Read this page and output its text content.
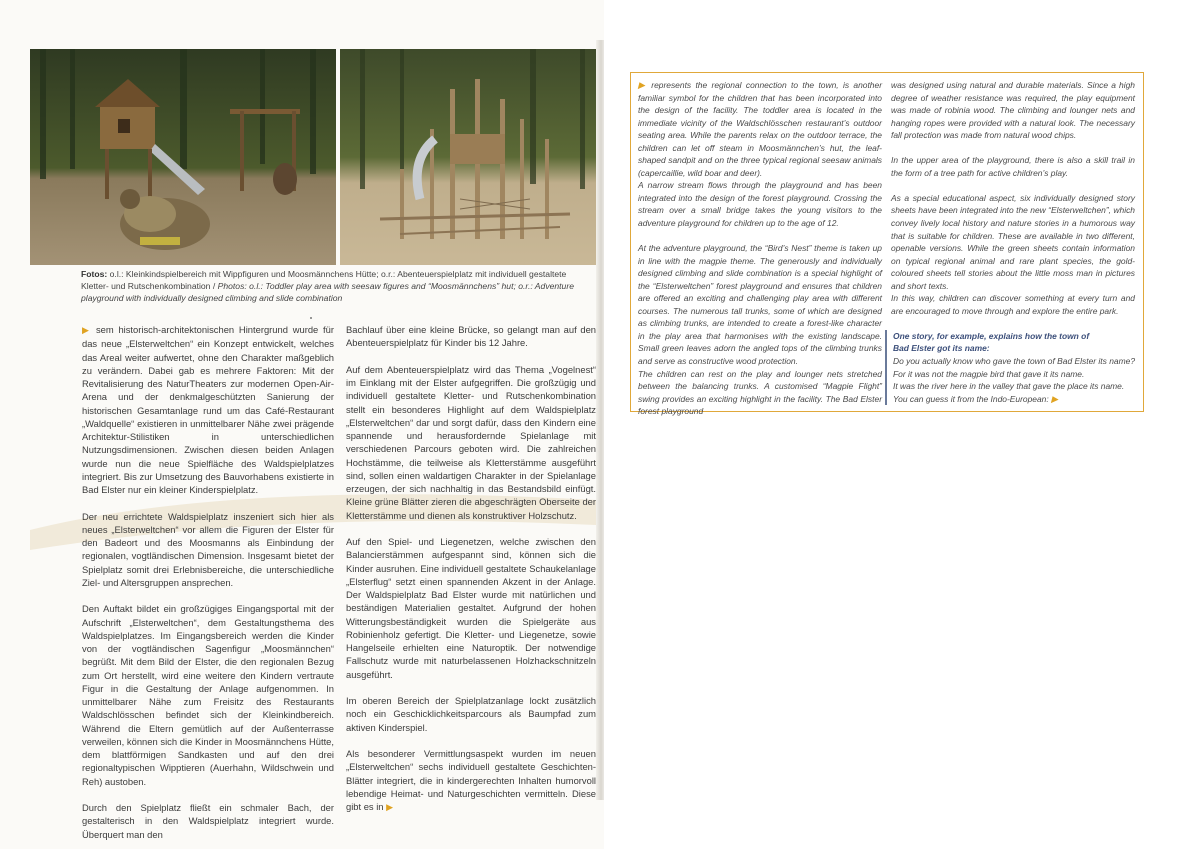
Fotos: o.l.: Kleinkindspielbereich mit Wippfiguren und Moosmännchens Hütte; o.r.: Abenteuerspielplatz mit individuell gestaltete Kletter- und Rutschenkombination / Photos: o.l.: Toddler play area with seesaw figures and “Moosmännchens” hut; o.r.: Adventure playground with individually designed climbing and slide combination

▶ sem historisch-architektonischen Hintergrund wurde für das neue „Elsterweltchen“ ein Konzept entwickelt, welches das Areal weiter aufwertet, ohne den Charakter maßgeblich zu verändern. Dabei gab es mehrere Faktoren: Mit der Revitalisierung des NaturTheaters zur modernen Open-Air-Arena und der denkmalgeschützten Sanierung der historischen Gesamtanlage rund um das Café-Restaurant „Waldquelle“ existieren in unmittelbarer Nähe zwei prägende Architektur-Stilistiken in unterschiedlichen Nutzungsdimensionen. Zwischen diesen beiden Anlagen wurde nun die neue Spielfläche des Waldspielplatzes integriert. Bis zur Umsetzung des Bauvorhabens existierte in Bad Elster nur ein kleiner Kinderspielplatz.

Der neu errichtete Waldspielplatz inszeniert sich hier als neues „Elsterweltchen“ vor allem die Figuren der Elster für den Badeort und des Moosmanns als Einbindung der regionalen, vogtländischen Dimension. Insgesamt bietet der Spielplatz somit drei Erlebnisbereiche, die unterschiedliche Ziel- und Altersgruppen ansprechen.

Den Auftakt bildet ein großzügiges Eingangsportal mit der Aufschrift „Elsterweltchen“, dem Gestaltungsthema des Waldspielplatzes. Im Eingangsbereich werden die Kinder von der vogtländischen Sagenfigur „Moosmännchen“ begrüßt. Mit dem Bild der Elster, die den regionalen Bezug zum Ort herstellt, wird eine weitere den Kindern vertraute Figur in die Gestaltung der Anlage aufgenommen. In unmittelbarer Nähe zum Freisitz des Restaurants Waldschlösschen befindet sich der Kleinkindbereich. Während die Eltern gemütlich auf der Außenterrasse verweilen, können sich die Kinder in Moosmännchens Hütte, dem blattförmigen Sandkasten und auf den drei regionaltypischen Wipptieren (Auerhahn, Wildschwein und Reh) austoben.

Durch den Spielplatz fließt ein schmaler Bach, der gestalterisch in den Waldspielplatz integriert wurde. Überquert man den

Bachlauf über eine kleine Brücke, so gelangt man auf den Abenteuerspielplatz für Kinder bis 12 Jahre.

Auf dem Abenteuerspielplatz wird das Thema „Vogelnest“ im Einklang mit der Elster aufgegriffen. Die großzügig und individuell gestaltete Kletter- und Rutschenkombination stellt ein besonderes Highlight auf dem Waldspielplatz „Elsterweltchen“ dar und sorgt dafür, dass den Kindern eine spannende und herausfordernde Spielanlage mit verschiedenen Parcours geboten wird. Die zahlreichen Hochstämme, die teilweise als Kletterstämme ausgeführt sind, sollen einen waldartigen Charakter in der Spielanlage erzeugen, der sich nachhaltig in das Bestandsbild einfügt. Kleine grüne Blätter zieren die abgeschrägten Oberseite der Kletterstämme und dienen als konstruktiver Holzschutz.

Auf den Spiel- und Liegenetzen, welche zwischen den Balancierstämmen aufgespannt sind, können sich die Kinder ausruhen. Eine individuell gestaltete Schaukelanlage „Elsterflug“ setzt einen spannenden Akzent in der Anlage. Der Waldspielplatz Bad Elster wurde mit natürlichen und beständigen Materialien gestaltet. Aufgrund der hohen Witterungsbeständigkeit wurden die Spielgeräte aus Robinienholz gefertigt. Die Kletter- und Liegenetze, sowie Hangelseile erhielten eine Naturoptik. Der notwendige Fallschutz wurde mit naturbelassenen Holzhackschnitzeln ausgeführt.

Im oberen Bereich der Spielplatzanlage lockt zusätzlich noch ein Geschicklichkeitsparcours als Baumpfad zum aktiven Kinderspiel.

Als besonderer Vermittlungsaspekt wurden im neuen „Elsterweltchen“ sechs individuell gestaltete Geschichten-Blätter integriert, die in kindergerechten Inhalten humorvoll lebendige Heimat- und Naturgeschichten vermitteln. Diese gibt es in ▶

▶ represents the regional connection to the town, is another familiar symbol for the children that has been incorporated into the design of the facility. The toddler area is located in the immediate vicinity of the Waldschlösschen restaurant’s outdoor seating area. While the parents relax on the outdoor terrace, the children can let off steam in Moosmännchen’s hut, the leaf-shaped sandpit and on the three typical regional seesaw animals (capercaillie, wild boar and deer).
A narrow stream flows through the playground and has been integrated into the design of the forest playground. Crossing the stream over a small bridge takes the young visitors to the adventure playground for children up to the age of 12.

At the adventure playground, the “Bird’s Nest” theme is taken up in line with the magpie theme. The generously and individually designed climbing and slide combination is a special highlight of the “Elsterweltchen” forest playground and ensures that children are offered an exciting and challenging play area with different courses. The numerous tall trunks, some of which are designed as climbing trunks, are intended to create a forest-like character in the play area that harmonises with the existing landscape. Small green leaves adorn the angled tops of the climbing trunks and serve as constructive wood protection.
The children can rest on the play and lounger nets stretched between the balancing trunks. A customised “Magpie Flight” swing provides an exciting highlight in the facility. The Bad Elster forest playground

was designed using natural and durable materials. Since a high degree of weather resistance was required, the play equipment was made of robinia wood. The climbing and lounger nets and hanging ropes were provided with a natural look. The necessary fall protection was made from natural wood chips.

In the upper area of the playground, there is also a skill trail in the form of a tree path for active children’s play.

As a special educational aspect, six individually designed story sheets have been integrated into the new “Elsterweltchen”, which convey lively local history and nature stories in a humorous way that is suitable for children. These are available in two different, openable versions. While the green sheets contain information on typical regional animal and rare plant species, the gold-coloured sheets tell stories about the little moss man in pictures and short texts.
In this way, children can discover something at every turn and are encouraged to move through and explore the entire park.

One story, for example, explains how the town of
Bad Elster got its name:
Do you actually know who gave the town of Bad Elster its name?
For it was not the magpie bird that gave it its name.
It was the river here in the valley that gave the place its name.
You can guess it from the Indo-European: ▶
